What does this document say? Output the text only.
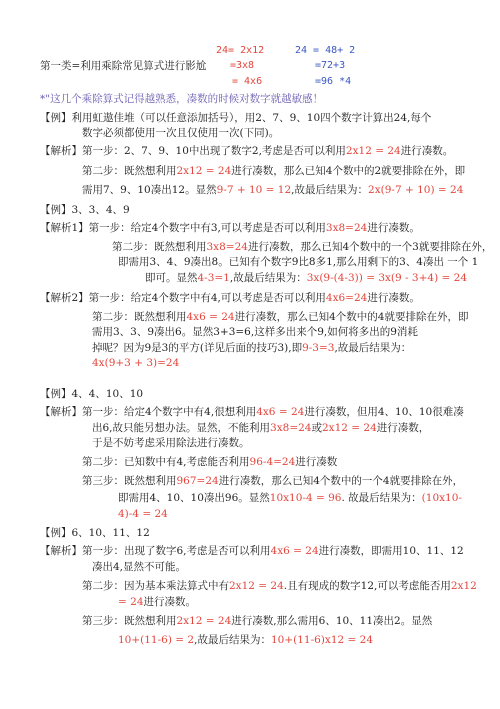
24= 2x12	24 = 48+ 2
第一类=利用乘除常见算式进行影尬 =3x8	=72+3
= 4x6	=96 *4
*"这几个乘除算式记得越熟悉，凑数的时候对数字就越敏感！
【例】利用虹遨佳堆（可以任意添加括号），用2、7、9、10四个数字计算出24,每个
数字必须都使用一次且仅使用一次(下同)。
【解析】第一步：2、7、9、10中出现了数字2,考虑是否可以利用2x12 = 24进行凑数。
第二步：既然想利用2x12 = 24进行凑数，那么已知4个数中的2就要排除在外，即
需用7、9、10凑出12。显然9-7 + 10 = 12,故最后结果为：2x(9-7 + 10) = 24
【例】3、3、4、9
【解析1】第一步：给定4个数字中有3,可以考虑是否可以利用3x8=24进行凑数。
第二步：既然想利用3x8=24进行凑数，那么已知4个数中的一个3就要排除在外，
即需用3、4、9凑出8。已知有个数字9比8多1,那么用剩下的3、4凑出 一个 1
即可。显然4-3=1,故最后结果为：3x(9-(4-3)) = 3x(9 - 3+4) = 24
【解析2】第一步：给定4个数字中有4,可以考虑是否可以利用4x6=24进行凑数。
第二步：既然想利用4x6 = 24进行凑数，那么已知4个数中的4就要排除在外，即
需用3、3、9凑出6。显然3+3=6,这样多出来个9,如何将多出的9消耗
掉呢？因为9是3的平方(详见后面的技巧3),即9-3=3,故最后结果为：
4x(9+3 + 3)=24
【例】4、4、10、10
【解析】第一步：给定4个数字中有4,很想利用4x6 = 24进行凑数，但用4、10、10很难凑
出6,故只能另想办法。显然，不能利用3x8=24或2x12 = 24进行凑数，
于是不妨考虑采用除法进行凑数。
第二步：已知数中有4,考虑能否利用96-4=24进行凑数
第三步：既然想利用967=24进行凑数，那么已知4个数中的一个4就要排除在外，
即需用4、10、10凑出96。显然10x10-4 = 96. 故最后结果为：(10x10-
4)-4 = 24
【例】6、10、11、12
【解析】第一步：出现了数字6,考虑是否可以利用4x6 = 24进行凑数，即需用10、11、12
凑出4,显然不可能。
第二步：因为基本乘法算式中有2x12 = 24.且有现成的数字12,可以考虑能否用2x12
= 24进行凑数。
第三步：既然想利用2x12 = 24进行凑数,那么需用6、10、11凑出2。显然
10+(11-6) = 2,故最后结果为：10+(11-6)x12 = 24
